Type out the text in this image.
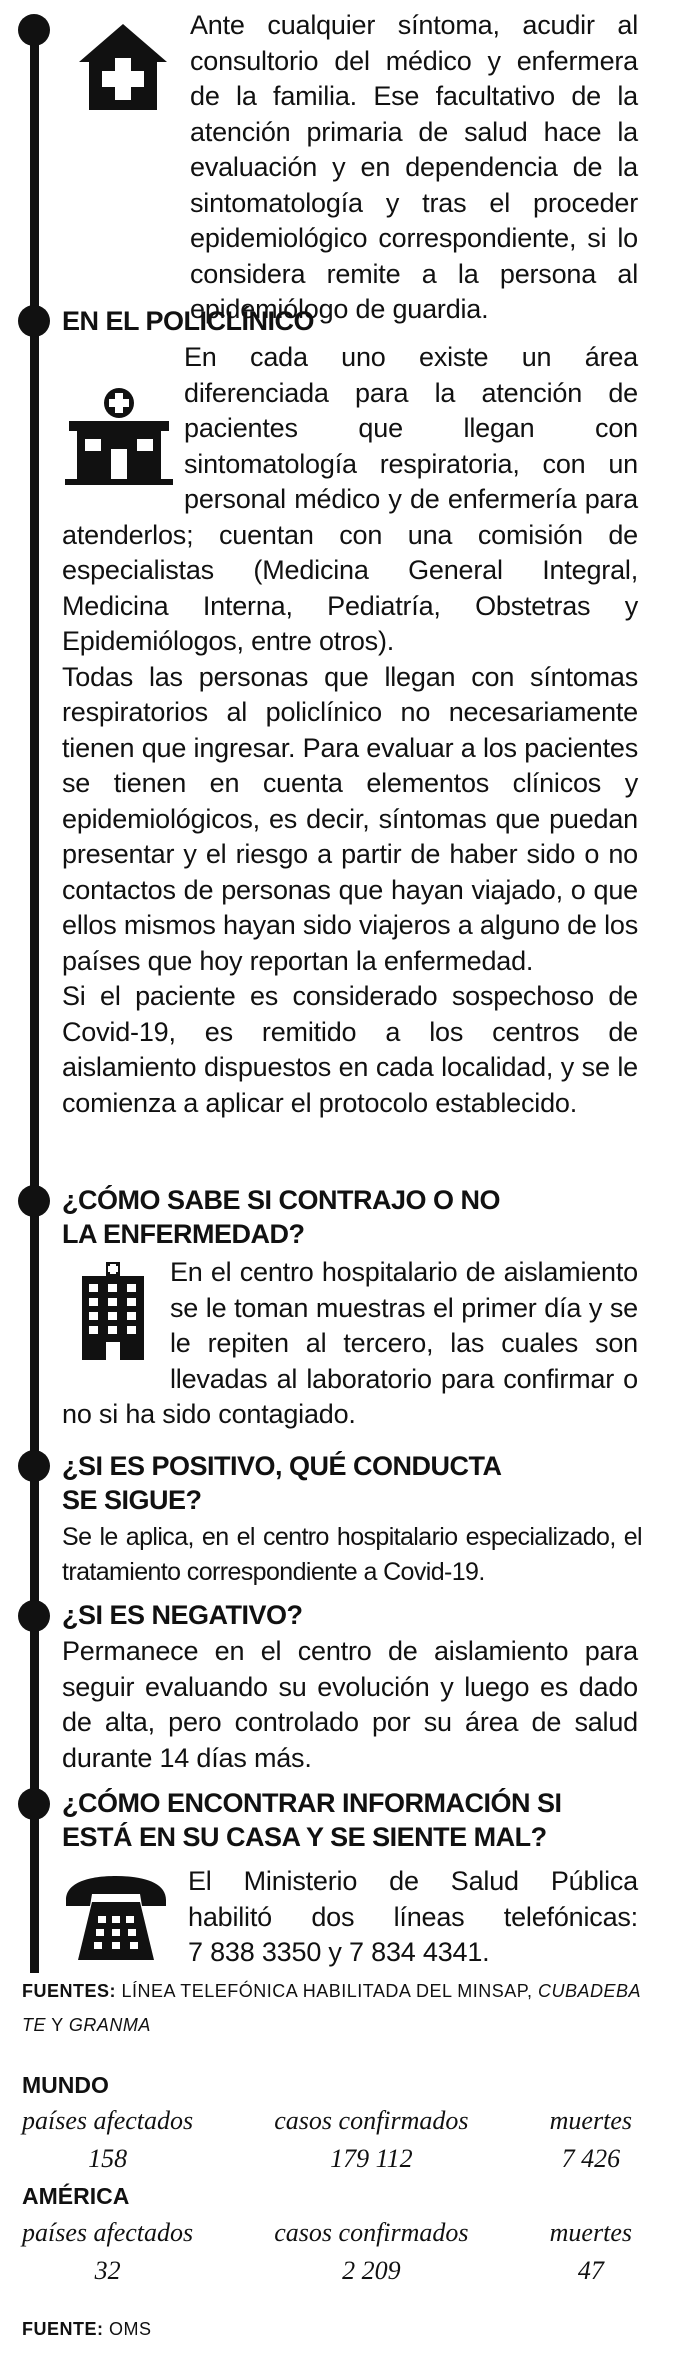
Ante cualquier síntoma, acudir al consultorio del médico y enfermera de la familia. Ese facultativo de la atención primaria de salud hace la evaluación y en dependencia de la sintomatología y tras el proceder epidemiológico correspondiente, si lo considera remite a la persona al epidemiólogo de guardia.
EN EL POLICLÍNICO

En cada uno existe un área diferenciada para la atención de pacientes que llegan con sintomatología respiratoria, con un personal médico y de enfermería para atenderlos; cuentan con una comisión de especialistas (Medicina General Integral, Medicina Interna, Pediatría, Obstetras y Epidemiólogos, entre otros).

Todas las personas que llegan con síntomas respiratorios al policlínico no necesariamente tienen que ingresar. Para evaluar a los pacientes se tienen en cuenta elementos clínicos y epidemiológicos, es decir, síntomas que puedan presentar y el riesgo a partir de haber sido o no contactos de personas que hayan viajado, o que ellos mismos hayan sido viajeros a alguno de los países que hoy reportan la enfermedad.

Si el paciente es considerado sospechoso de Covid-19, es remitido a los centros de aislamiento dispuestos en cada localidad, y se le comienza a aplicar el protocolo establecido.

¿CÓMO SABE SI CONTRAJO O NO
LA ENFERMEDAD?

En el centro hospitalario de aislamiento se le toman muestras el primer día y se le repiten al tercero, las cuales son llevadas al laboratorio para confirmar o no si ha sido contagiado.

¿SI ES POSITIVO, QUÉ CONDUCTA
SE SIGUE?
Se le aplica, en el centro hospitalario especializado, el tratamiento correspondiente a Covid-19.
¿SI ES NEGATIVO?
Permanece en el centro de aislamiento para seguir evaluando su evolución y luego es dado de alta, pero controlado por su área de salud durante 14 días más.
¿CÓMO ENCONTRAR INFORMACIÓN SI
ESTÁ EN SU CASA Y SE SIENTE MAL?
El Ministerio de Salud Pública
habilitó dos líneas telefónicas:
7 838 3350 y 7 834 4341.
FUENTES: LÍNEA TELEFÓNICA HABILITADA DEL MINSAP, CUBADEBATE Y GRANMA
MUNDO
países afectados
158
casos confirmados
179 112
muertes
7 426
AMÉRICA
países afectados
32
casos confirmados
2 209
muertes
47
FUENTE: OMS
